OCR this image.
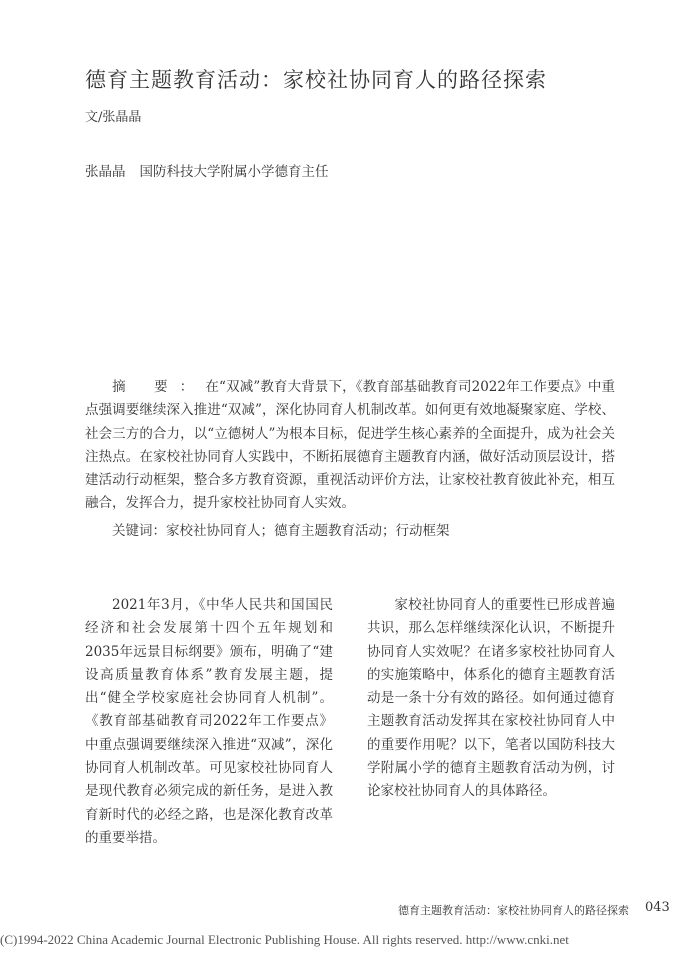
德育主题教育活动：家校社协同育人的路径探索
文/张晶晶
张晶晶 国防科技大学附属小学德育主任
摘 要：在“双减”教育大背景下，《教育部基础教育司2022年工作要点》中重点强调要继续深入推进“双减”，深化协同育人机制改革。如何更有效地凝聚家庭、学校、社会三方的合力，以“立德树人”为根本目标，促进学生核心素养的全面提升，成为社会关注热点。在家校社协同育人实践中，不断拓展德育主题教育内涵，做好活动顶层设计，搭建活动行动框架，整合多方教育资源，重视活动评价方法，让家校社教育彼此补充，相互融合，发挥合力，提升家校社协同育人实效。
关键词：家校社协同育人；德育主题教育活动；行动框架
2021年3月，《中华人民共和国国民经济和社会发展第十四个五年规划和2035年远景目标纲要》颁布，明确了“建设高质量教育体系”教育发展主题，提出“健全学校家庭社会协同育人机制”。《教育部基础教育司2022年工作要点》中重点强调要继续深入推进“双减”，深化协同育人机制改革。可见家校社协同育人是现代教育必须完成的新任务，是进入教育新时代的必经之路，也是深化教育改革的重要举措。
家校社协同育人的重要性已形成普遍共识，那么怎样继续深化认识，不断提升协同育人实效呢？在诸多家校社协同育人的实施策略中，体系化的德育主题教育活动是一条十分有效的路径。如何通过德育主题教育活动发挥其在家校社协同育人中的重要作用呢？以下，笔者以国防科技大学附属小学的德育主题教育活动为例，讨论家校社协同育人的具体路径。
德育主题教育活动：家校社协同育人的路径探索 043
(C)1994-2022 China Academic Journal Electronic Publishing House. All rights reserved. http://www.cnki.net
